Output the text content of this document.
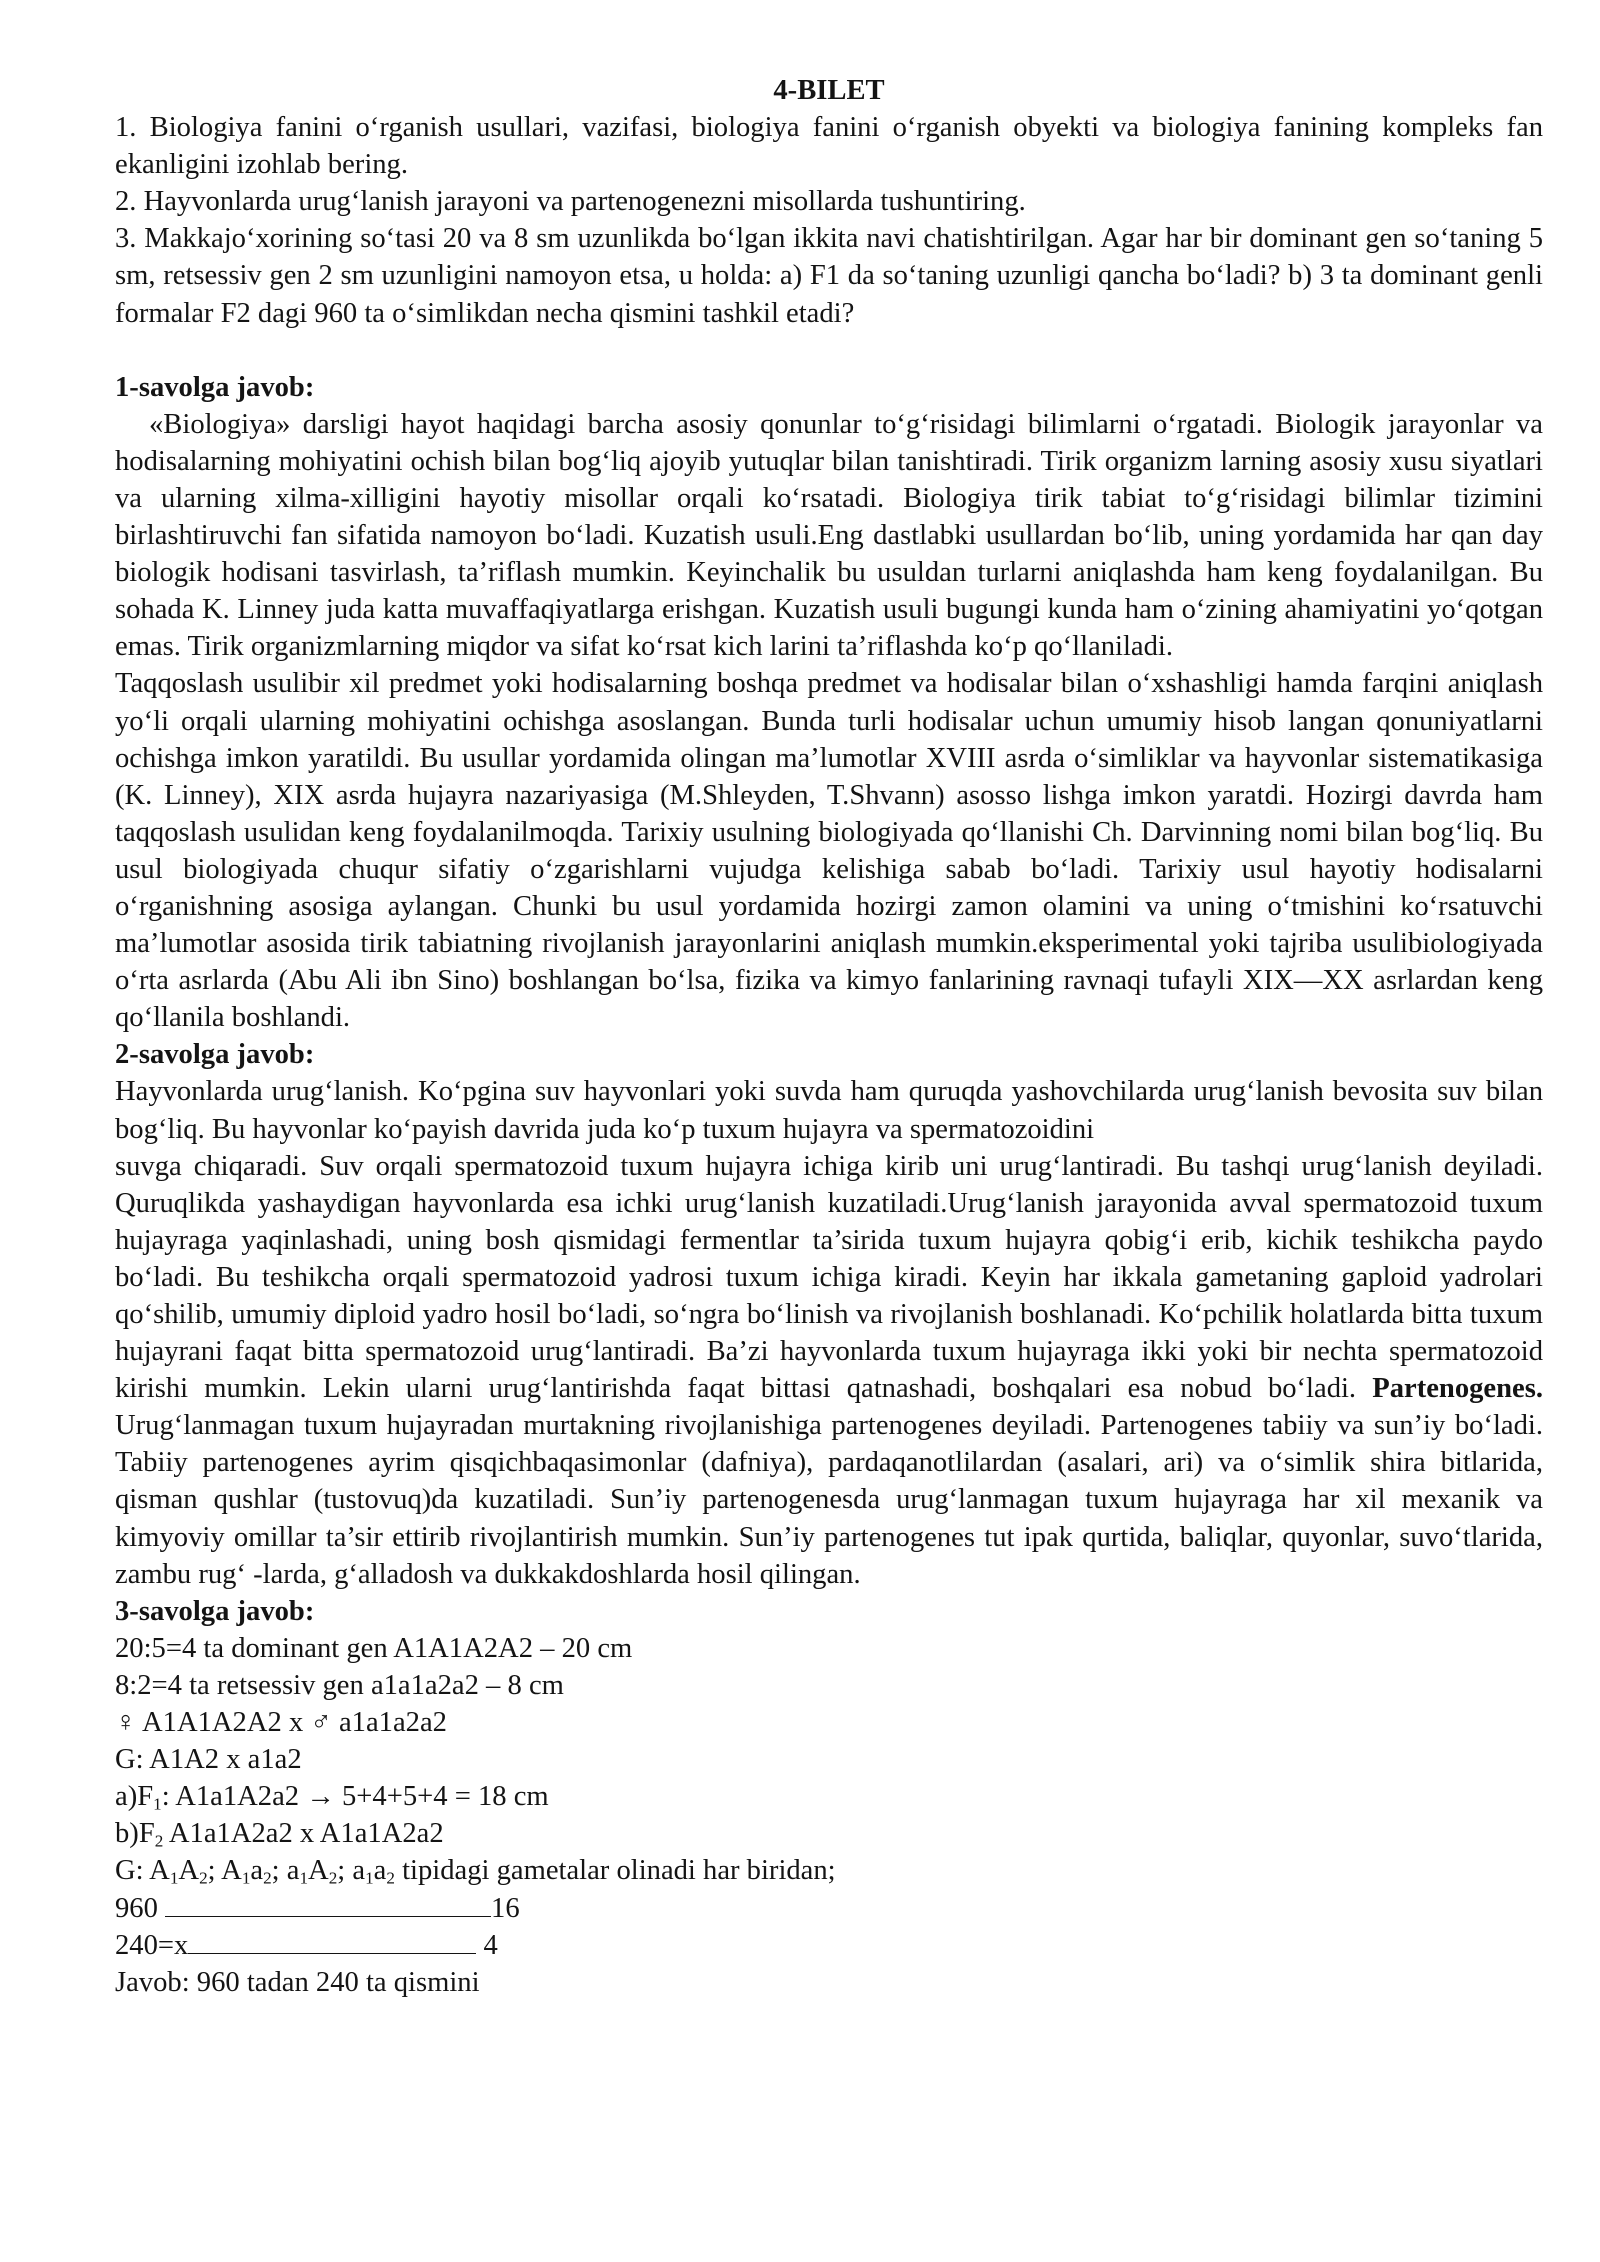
4-BILET

1. Biologiya fanini o‘rganish usullari, vazifasi, biologiya fanini o‘rganish obyekti va biologiya fanining kompleks fan ekanligini izohlab bering.

2. Hayvonlarda urug‘lanish jarayoni va partenogenezni misollarda tushuntiring.

3. Makkajo‘xorining so‘tasi 20 va 8 sm uzunlikda bo‘lgan ikkita navi chatishtirilgan. Agar har bir dominant gen so‘taning 5 sm, retsessiv gen 2 sm uzunligini namoyon etsa, u holda: a) F1 da so‘taning uzunligi qancha bo‘ladi? b) 3 ta dominant genli formalar F2 dagi 960 ta o‘simlikdan necha qismini tashkil etadi?

1-savolga javob:

«Biologiya» darsligi hayot haqidagi barcha asosiy qonunlar to‘g‘risidagi bilimlarni o‘rgatadi. Biologik jarayonlar va hodisalarning mohiyatini ochish bilan bog‘liq ajoyib yutuqlar bilan tanishtiradi. Tirik organizm larning asosiy xusu siyatlari va ularning xilma-xilligini hayotiy misollar orqali ko‘rsatadi. Biologiya tirik tabiat to‘g‘risidagi bilimlar tizimini birlashtiruvchi fan sifatida namoyon bo‘ladi. Kuzatish usuli.Eng dastlabki usullardan bo‘lib, uning yordamida har qan day biologik hodisani tasvirlash, ta’riflash mumkin. Keyinchalik bu usuldan turlarni aniqlashda ham keng foydalanilgan. Bu sohada K. Linney juda katta muvaffaqiyatlarga erishgan. Kuzatish usuli bugungi kunda ham o‘zining ahamiyatini yo‘qotgan emas. Tirik organizmlarning miqdor va sifat ko‘rsat kich larini ta’riflashda ko‘p qo‘llaniladi.

Taqqoslash usulibir xil predmet yoki hodisalarning boshqa predmet va hodisalar bilan o‘xshashligi hamda farqini aniqlash yo‘li orqali ularning mohiyatini ochishga asoslangan. Bunda turli hodisalar uchun umumiy hisob langan qonuniyatlarni ochishga imkon yaratildi. Bu usullar yordamida olingan ma’lumotlar XVIII asrda o‘simliklar va hayvonlar sistematikasiga (K. Linney), XIX asrda hujayra nazariyasiga (M.Shleyden, T.Shvann) asosso lishga imkon yaratdi. Hozirgi davrda ham taqqoslash usulidan keng foydalanilmoqda. Tarixiy usulning biologiyada qo‘llanishi Ch. Darvinning nomi bilan bog‘liq. Bu usul biologiyada chuqur sifatiy o‘zgarishlarni vujudga kelishiga sabab bo‘ladi. Tarixiy usul hayotiy hodisalarni o‘rganishning asosiga aylangan. Chunki bu usul yordamida hozirgi zamon olamini va uning o‘tmishini ko‘rsatuvchi ma’lumotlar asosida tirik tabiatning rivojlanish jarayonlarini aniqlash mumkin.eksperimental yoki tajriba usulibiologiyada o‘rta asrlarda (Abu Ali ibn Sino) boshlangan bo‘lsa, fizika va kimyo fanlarining ravnaqi tufayli XIX—XX asrlardan keng qo‘llanila boshlandi.

2-savolga javob:

Hayvonlarda urug‘lanish. Ko‘pgina suv hayvonlari yoki suvda ham quruqda yashovchilarda urug‘lanish bevosita suv bilan bog‘liq. Bu hayvonlar ko‘payish davrida juda ko‘p tuxum hujayra va spermatozoidini

suvga chiqaradi. Suv orqali spermatozoid tuxum hujayra ichiga kirib uni urug‘lantiradi. Bu tashqi urug‘lanish deyiladi. Quruqlikda yashaydigan hayvonlarda esa ichki urug‘lanish kuzatiladi.Urug‘lanish jarayonida avval spermatozoid tuxum hujayraga yaqinlashadi, uning bosh qismidagi fermentlar ta’sirida tuxum hujayra qobig‘i erib, kichik teshikcha paydo bo‘ladi. Bu teshikcha orqali spermatozoid yadrosi tuxum ichiga kiradi. Keyin har ikkala gametaning gaploid yadrolari qo‘shilib, umumiy diploid yadro hosil bo‘ladi, so‘ngra bo‘linish va rivojlanish boshlanadi. Ko‘pchilik holatlarda bitta tuxum hujayrani faqat bitta spermatozoid urug‘lantiradi. Ba’zi hayvonlarda tuxum hujayraga ikki yoki bir nechta spermatozoid kirishi mumkin. Lekin ularni urug‘lantirishda faqat bittasi qatnashadi, boshqalari esa nobud bo‘ladi. Partenogenes. Urug‘lanmagan tuxum hujayradan murtakning rivojlanishiga partenogenes deyiladi. Partenogenes tabiiy va sun’iy bo‘ladi. Tabiiy partenogenes ayrim qisqichbaqasimonlar (dafniya), pardaqanotlilardan (asalari, ari) va o‘simlik shira bitlarida, qisman qushlar (tustovuq)da kuzatiladi. Sun’iy partenogenesda urug‘lanmagan tuxum hujayraga har xil mexanik va kimyoviy omillar ta’sir ettirib rivojlantirish mumkin. Sun’iy partenogenes tut ipak qurtida, baliqlar, quyonlar, suvo‘tlarida, zambu rug‘ -larda, g‘alladosh va dukkakdoshlarda hosil qilingan.

3-savolga javob:

20:5=4 ta dominant gen A1A1A2A2 – 20 cm

8:2=4 ta retsessiv gen a1a1a2a2 – 8 cm

♀ A1A1A2A2 x ♂ a1a1a2a2

G: A1A2 x a1a2

$a)F_1$: A1a1A2a2 → 5+4+5+4 = 18 cm

$b)F_2$ A1a1A2a2 x A1a1A2a2

G: $A_1A_2$; $A_1a_2$; $a_1A_2$; $a_1a_2$ tipidagi gametalar olinadi har biridan;

960	16

240=x	4

Javob: 960 tadan 240 ta qismini
